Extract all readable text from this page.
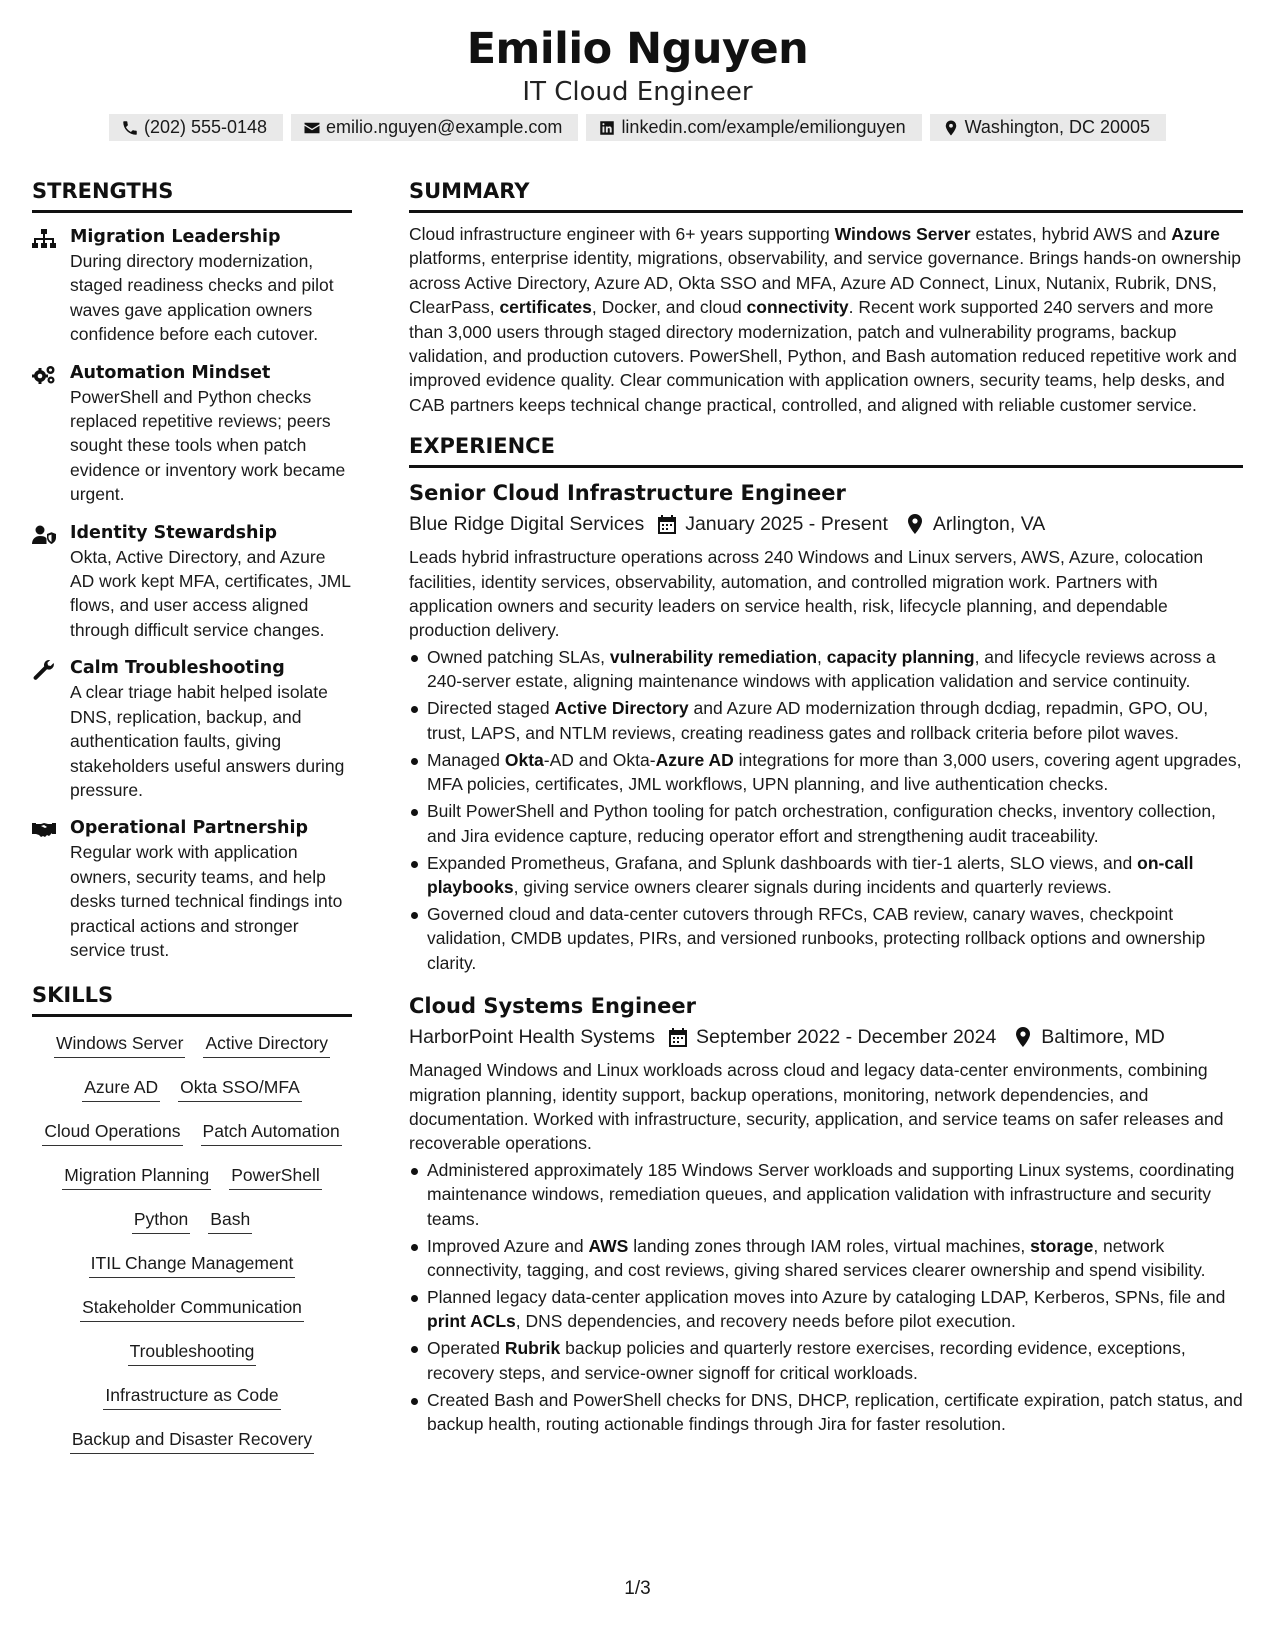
Emilio Nguyen
IT Cloud Engineer
(202) 555-0148	emilio.nguyen@example.com	linkedin.com/example/emilionguyen	Washington, DC 20005
STRENGTHS
Migration Leadership
During directory modernization, staged readiness checks and pilot waves gave application owners confidence before each cutover.
Automation Mindset
PowerShell and Python checks replaced repetitive reviews; peers sought these tools when patch evidence or inventory work became urgent.
Identity Stewardship
Okta, Active Directory, and Azure AD work kept MFA, certificates, JML flows, and user access aligned through difficult service changes.
Calm Troubleshooting
A clear triage habit helped isolate DNS, replication, backup, and authentication faults, giving stakeholders useful answers during pressure.
Operational Partnership
Regular work with application owners, security teams, and help desks turned technical findings into practical actions and stronger service trust.
SKILLS
Windows Server Active Directory
Azure AD Okta SSO/MFA
Cloud Operations Patch Automation
Migration Planning PowerShell
Python Bash
ITIL Change Management
Stakeholder Communication
Troubleshooting
Infrastructure as Code
Backup and Disaster Recovery
SUMMARY
Cloud infrastructure engineer with 6+ years supporting Windows Server estates, hybrid AWS and Azure platforms, enterprise identity, migrations, observability, and service governance. Brings hands-on ownership across Active Directory, Azure AD, Okta SSO and MFA, Azure AD Connect, Linux, Nutanix, Rubrik, DNS, ClearPass, certificates, Docker, and cloud connectivity. Recent work supported 240 servers and more than 3,000 users through staged directory modernization, patch and vulnerability programs, backup validation, and production cutovers. PowerShell, Python, and Bash automation reduced repetitive work and improved evidence quality. Clear communication with application owners, security teams, help desks, and CAB partners keeps technical change practical, controlled, and aligned with reliable customer service.
EXPERIENCE
Senior Cloud Infrastructure Engineer
Blue Ridge Digital Services January 2025 - Present Arlington, VA
Leads hybrid infrastructure operations across 240 Windows and Linux servers, AWS, Azure, colocation facilities, identity services, observability, automation, and controlled migration work. Partners with application owners and security leaders on service health, risk, lifecycle planning, and dependable production delivery.
Owned patching SLAs, vulnerability remediation, capacity planning, and lifecycle reviews across a 240-server estate, aligning maintenance windows with application validation and service continuity.
Directed staged Active Directory and Azure AD modernization through dcdiag, repadmin, GPO, OU, trust, LAPS, and NTLM reviews, creating readiness gates and rollback criteria before pilot waves.
Managed Okta-AD and Okta-Azure AD integrations for more than 3,000 users, covering agent upgrades, MFA policies, certificates, JML workflows, UPN planning, and live authentication checks.
Built PowerShell and Python tooling for patch orchestration, configuration checks, inventory collection, and Jira evidence capture, reducing operator effort and strengthening audit traceability.
Expanded Prometheus, Grafana, and Splunk dashboards with tier-1 alerts, SLO views, and on-call playbooks, giving service owners clearer signals during incidents and quarterly reviews.
Governed cloud and data-center cutovers through RFCs, CAB review, canary waves, checkpoint validation, CMDB updates, PIRs, and versioned runbooks, protecting rollback options and ownership clarity.
Cloud Systems Engineer
HarborPoint Health Systems September 2022 - December 2024 Baltimore, MD
Managed Windows and Linux workloads across cloud and legacy data-center environments, combining migration planning, identity support, backup operations, monitoring, network dependencies, and documentation. Worked with infrastructure, security, application, and service teams on safer releases and recoverable operations.
Administered approximately 185 Windows Server workloads and supporting Linux systems, coordinating maintenance windows, remediation queues, and application validation with infrastructure and security teams.
Improved Azure and AWS landing zones through IAM roles, virtual machines, storage, network connectivity, tagging, and cost reviews, giving shared services clearer ownership and spend visibility.
Planned legacy data-center application moves into Azure by cataloging LDAP, Kerberos, SPNs, file and print ACLs, DNS dependencies, and recovery needs before pilot execution.
Operated Rubrik backup policies and quarterly restore exercises, recording evidence, exceptions, recovery steps, and service-owner signoff for critical workloads.
Created Bash and PowerShell checks for DNS, DHCP, replication, certificate expiration, patch status, and backup health, routing actionable findings through Jira for faster resolution.
1/3
